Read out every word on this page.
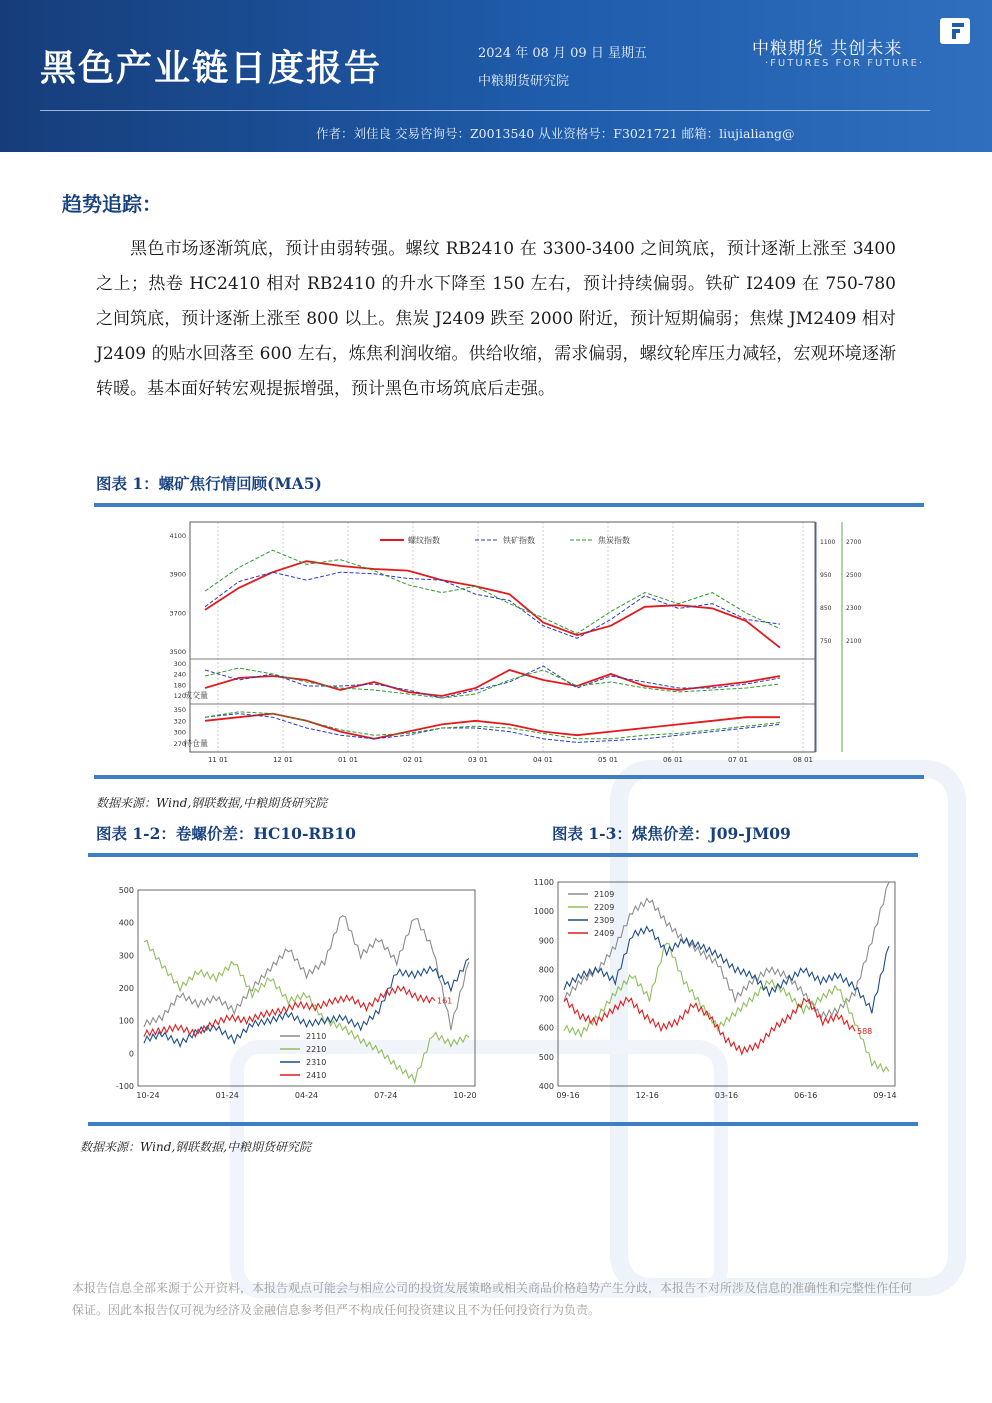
黑色产业链日度报告	2024 年 08 月 09 日 星期五
中粮期货研究院
中粮期货 共创未来
·FUTURES FOR FUTURE·
作者：刘佳良 交易咨询号：Z0013540 从业资格号：F3021721 邮箱：liujialiang@
趋势追踪：
黑色市场逐渐筑底，预计由弱转强。螺纹 RB2410 在 3300-3400 之间筑底，预计逐渐上涨至 3400 之上；热卷 HC2410 相对 RB2410 的升水下降至 150 左右，预计持续偏弱。铁矿 I2409 在 750-780 之间筑底，预计逐渐上涨至 800 以上。焦炭 J2409 跌至 2000 附近，预计短期偏弱；焦煤 JM2409 相对 J2409 的贴水回落至 600 左右，炼焦利润收缩。供给收缩，需求偏弱，螺纹轮库压力减轻，宏观环境逐渐转暖。基本面好转宏观提振增强，预计黑色市场筑底后走强。
图表 1：螺矿焦行情回顾(MA5)
11 01	12 01	01 01	02 01	03 01	04 01	05 01	06 01	07 01	08 01
4100
3900
3700
3500
1100
950
850
750
2700
2500
2300
2100
300
240
180
120
成交量
350
320
300
270
持仓量
螺纹指数	铁矿指数	焦炭指数
数据来源：Wind,钢联数据,中粮期货研究院
图表 1-2：卷螺价差：HC10-RB10	图表 1-3：煤焦价差：J09-JM09
500
400
300
200
100
0
-100
10-24	01-24	04-24	07-24	10-20
161
2110
2210
2310
2410
1100
1000
900
800
700
600
500
400
09-16	12-16	03-16	06-16	09-14
588
2109
2209
2309
2409
数据来源：Wind,钢联数据,中粮期货研究院
本报告信息全部来源于公开资料，本报告观点可能会与相应公司的投资发展策略或相关商品价格趋势产生分歧，本报告不对所涉及信息的准确性和完整性作任何保证。因此本报告仅可视为经济及金融信息参考但严不构成任何投资建议且不为任何投资行为负责。
